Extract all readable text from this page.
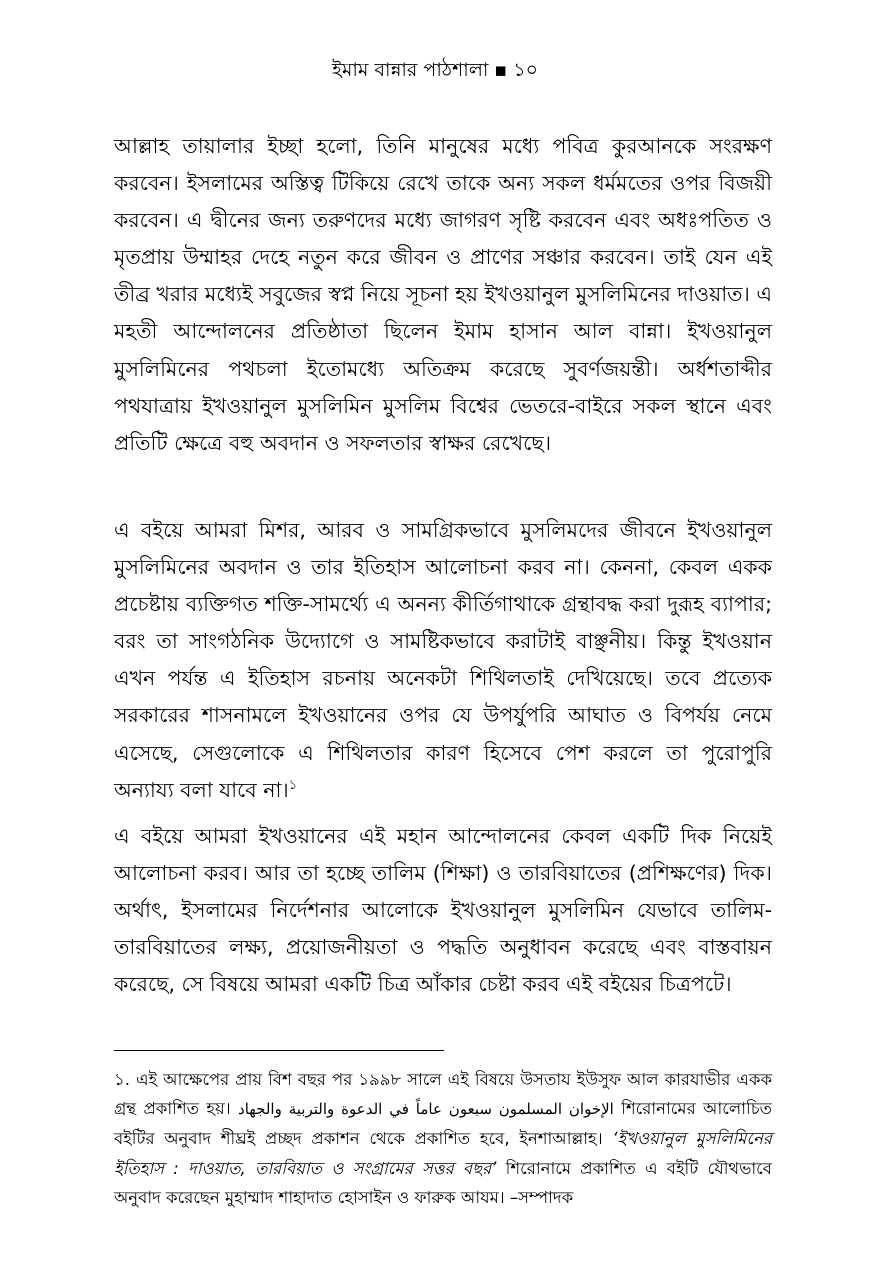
ইমাম বান্নার পাঠশালা ▪ ১০

আল্লাহ তায়ালার ইচ্ছা হলো, তিনি মানুষের মধ্যে পবিত্র কুরআনকে সংরক্ষণ করবেন। ইসলামের অস্তিত্ব টিকিয়ে রেখে তাকে অন্য সকল ধর্মমতের ওপর বিজয়ী করবেন। এ দ্বীনের জন্য তরুণদের মধ্যে জাগরণ সৃষ্টি করবেন এবং অধঃপতিত ও মৃতপ্রায় উম্মাহর দেহে নতুন করে জীবন ও প্রাণের সঞ্চার করবেন। তাই যেন এই তীব্র খরার মধ্যেই সবুজের স্বপ্ন নিয়ে সূচনা হয় ইখওয়ানুল মুসলিমিনের দাওয়াত। এ মহতী আন্দোলনের প্রতিষ্ঠাতা ছিলেন ইমাম হাসান আল বান্না। ইখওয়ানুল মুসলিমিনের পথচলা ইতোমধ্যে অতিক্রম করেছে সুবর্ণজয়ন্তী। অর্ধশতাব্দীর পথযাত্রায় ইখওয়ানুল মুসলিমিন মুসলিম বিশ্বের ভেতরে-বাইরে সকল স্থানে এবং প্রতিটি ক্ষেত্রে বহু অবদান ও সফলতার স্বাক্ষর রেখেছে।

এ বইয়ে আমরা মিশর, আরব ও সামগ্রিকভাবে মুসলিমদের জীবনে ইখওয়ানুল মুসলিমিনের অবদান ও তার ইতিহাস আলোচনা করব না। কেননা, কেবল একক প্রচেষ্টায় ব্যক্তিগত শক্তি-সামর্থ্যে এ অনন্য কীর্তিগাথাকে গ্রন্থাবদ্ধ করা দুরূহ ব্যাপার; বরং তা সাংগঠনিক উদ্যোগে ও সামষ্টিকভাবে করাটাই বাঞ্ছনীয়। কিন্তু ইখওয়ান এখন পর্যন্ত এ ইতিহাস রচনায় অনেকটা শিথিলতাই দেখিয়েছে। তবে প্রত্যেক সরকারের শাসনামলে ইখওয়ানের ওপর যে উপর্যুপরি আঘাত ও বিপর্যয় নেমে এসেছে, সেগুলোকে এ শিথিলতার কারণ হিসেবে পেশ করলে তা পুরোপুরি অন্যায্য বলা যাবে না।$^১$

এ বইয়ে আমরা ইখওয়ানের এই মহান আন্দোলনের কেবল একটি দিক নিয়েই আলোচনা করব। আর তা হচ্ছে তালিম (শিক্ষা) ও তারবিয়াতের (প্রশিক্ষণের) দিক। অর্থাৎ, ইসলামের নির্দেশনার আলোকে ইখওয়ানুল মুসলিমিন যেভাবে তালিম-তারবিয়াতের লক্ষ্য, প্রয়োজনীয়তা ও পদ্ধতি অনুধাবন করেছে এবং বাস্তবায়ন করেছে, সে বিষয়ে আমরা একটি চিত্র আঁকার চেষ্টা করব এই বইয়ের চিত্রপটে।

১. এই আক্ষেপের প্রায় বিশ বছর পর ১৯৯৮ সালে এই বিষয়ে উসতায ইউসুফ আল কারযাভীর একক গ্রন্থ প্রকাশিত হয়। الإخوان المسلمون سبعون عاماً في الدعوة والتربية والجهاد শিরোনামের আলোচিত বইটির অনুবাদ শীঘ্রই প্রচ্ছদ প্রকাশন থেকে প্রকাশিত হবে, ইনশাআল্লাহ। ‘ইখওয়ানুল মুসলিমিনের ইতিহাস : দাওয়াত, তারবিয়াত ও সংগ্রামের সত্তর বছর’ শিরোনামে প্রকাশিত এ বইটি যৌথভাবে অনুবাদ করেছেন মুহাম্মাদ শাহাদাত হোসাইন ও ফারুক আযম। –সম্পাদক
